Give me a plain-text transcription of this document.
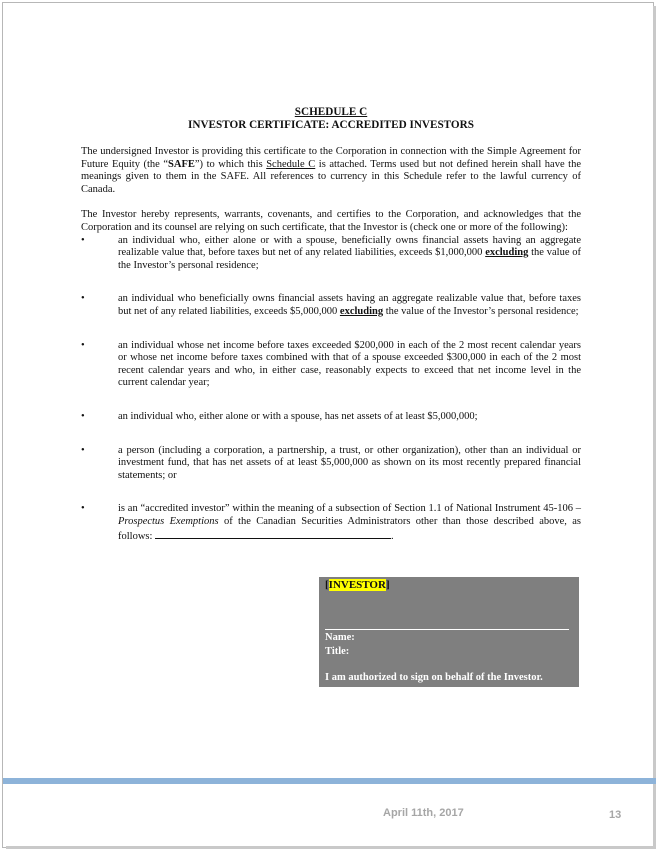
SCHEDULE C
INVESTOR CERTIFICATE: ACCREDITED INVESTORS

The undersigned Investor is providing this certificate to the Corporation in connection with the Simple Agreement for Future Equity (the “SAFE”) to which this Schedule C is attached. Terms used but not defined herein shall have the meanings given to them in the SAFE. All references to currency in this Schedule refer to the lawful currency of Canada.

The Investor hereby represents, warrants, covenants, and certifies to the Corporation, and acknowledges that the Corporation and its counsel are relying on such certificate, that the Investor is (check one or more of the following):

•	an individual who, either alone or with a spouse, beneficially owns financial assets having an aggregate realizable value that, before taxes but net of any related liabilities, exceeds $1,000,000 excluding the value of the Investor’s personal residence;
•	an individual who beneficially owns financial assets having an aggregate realizable value that, before taxes but net of any related liabilities, exceeds $5,000,000 excluding the value of the Investor’s personal residence;
•	an individual whose net income before taxes exceeded $200,000 in each of the 2 most recent calendar years or whose net income before taxes combined with that of a spouse exceeded $300,000 in each of the 2 most recent calendar years and who, in either case, reasonably expects to exceed that net income level in the current calendar year;
•	an individual who, either alone or with a spouse, has net assets of at least $5,000,000;
•	a person (including a corporation, a partnership, a trust, or other organization), other than an individual or investment fund, that has net assets of at least $5,000,000 as shown on its most recently prepared financial statements; or
•	is an “accredited investor” within the meaning of a subsection of Section 1.1 of National Instrument 45-106 – Prospectus Exemptions of the Canadian Securities Administrators other than those described above, as follows:	.
[INVESTOR]
Name:
Title:
I am authorized to sign on behalf of the Investor.
April 11th, 2017	13
